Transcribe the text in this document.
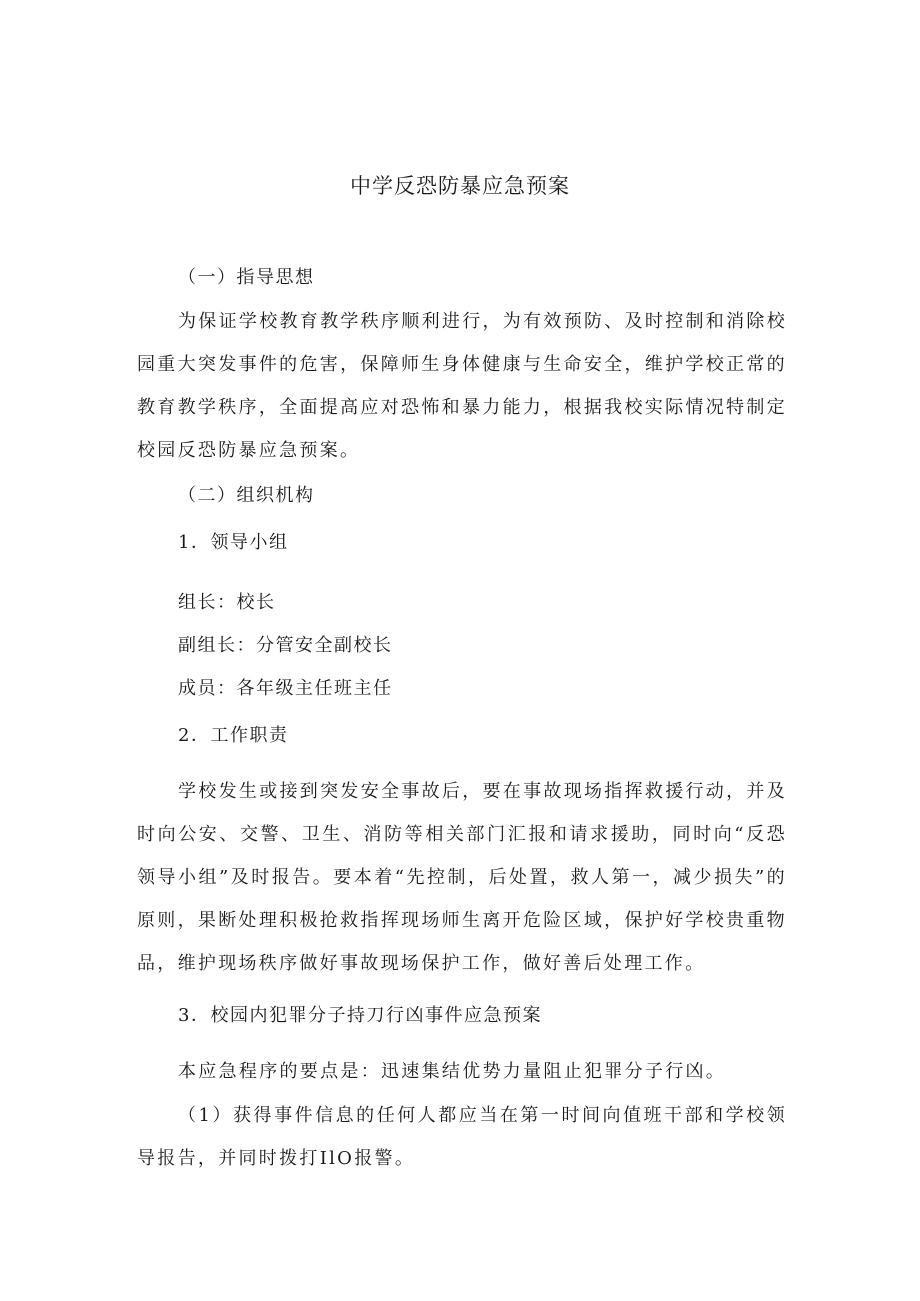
中学反恐防暴应急预案

（一）指导思想

为保证学校教育教学秩序顺利进行，为有效预防、及时控制和消除校园重大突发事件的危害，保障师生身体健康与生命安全，维护学校正常的教育教学秩序，全面提高应对恐怖和暴力能力，根据我校实际情况特制定校园反恐防暴应急预案。

（二）组织机构

1．领导小组

组长：校长

副组长：分管安全副校长

成员：各年级主任班主任

2．工作职责

学校发生或接到突发安全事故后，要在事故现场指挥救援行动，并及时向公安、交警、卫生、消防等相关部门汇报和请求援助，同时向“反恐领导小组”及时报告。要本着“先控制，后处置，救人第一，减少损失”的原则，果断处理积极抢救指挥现场师生离开危险区域，保护好学校贵重物品，维护现场秩序做好事故现场保护工作，做好善后处理工作。

3．校园内犯罪分子持刀行凶事件应急预案

本应急程序的要点是：迅速集结优势力量阻止犯罪分子行凶。

（1）获得事件信息的任何人都应当在第一时间向值班干部和学校领导报告，并同时拨打IlO报警。
